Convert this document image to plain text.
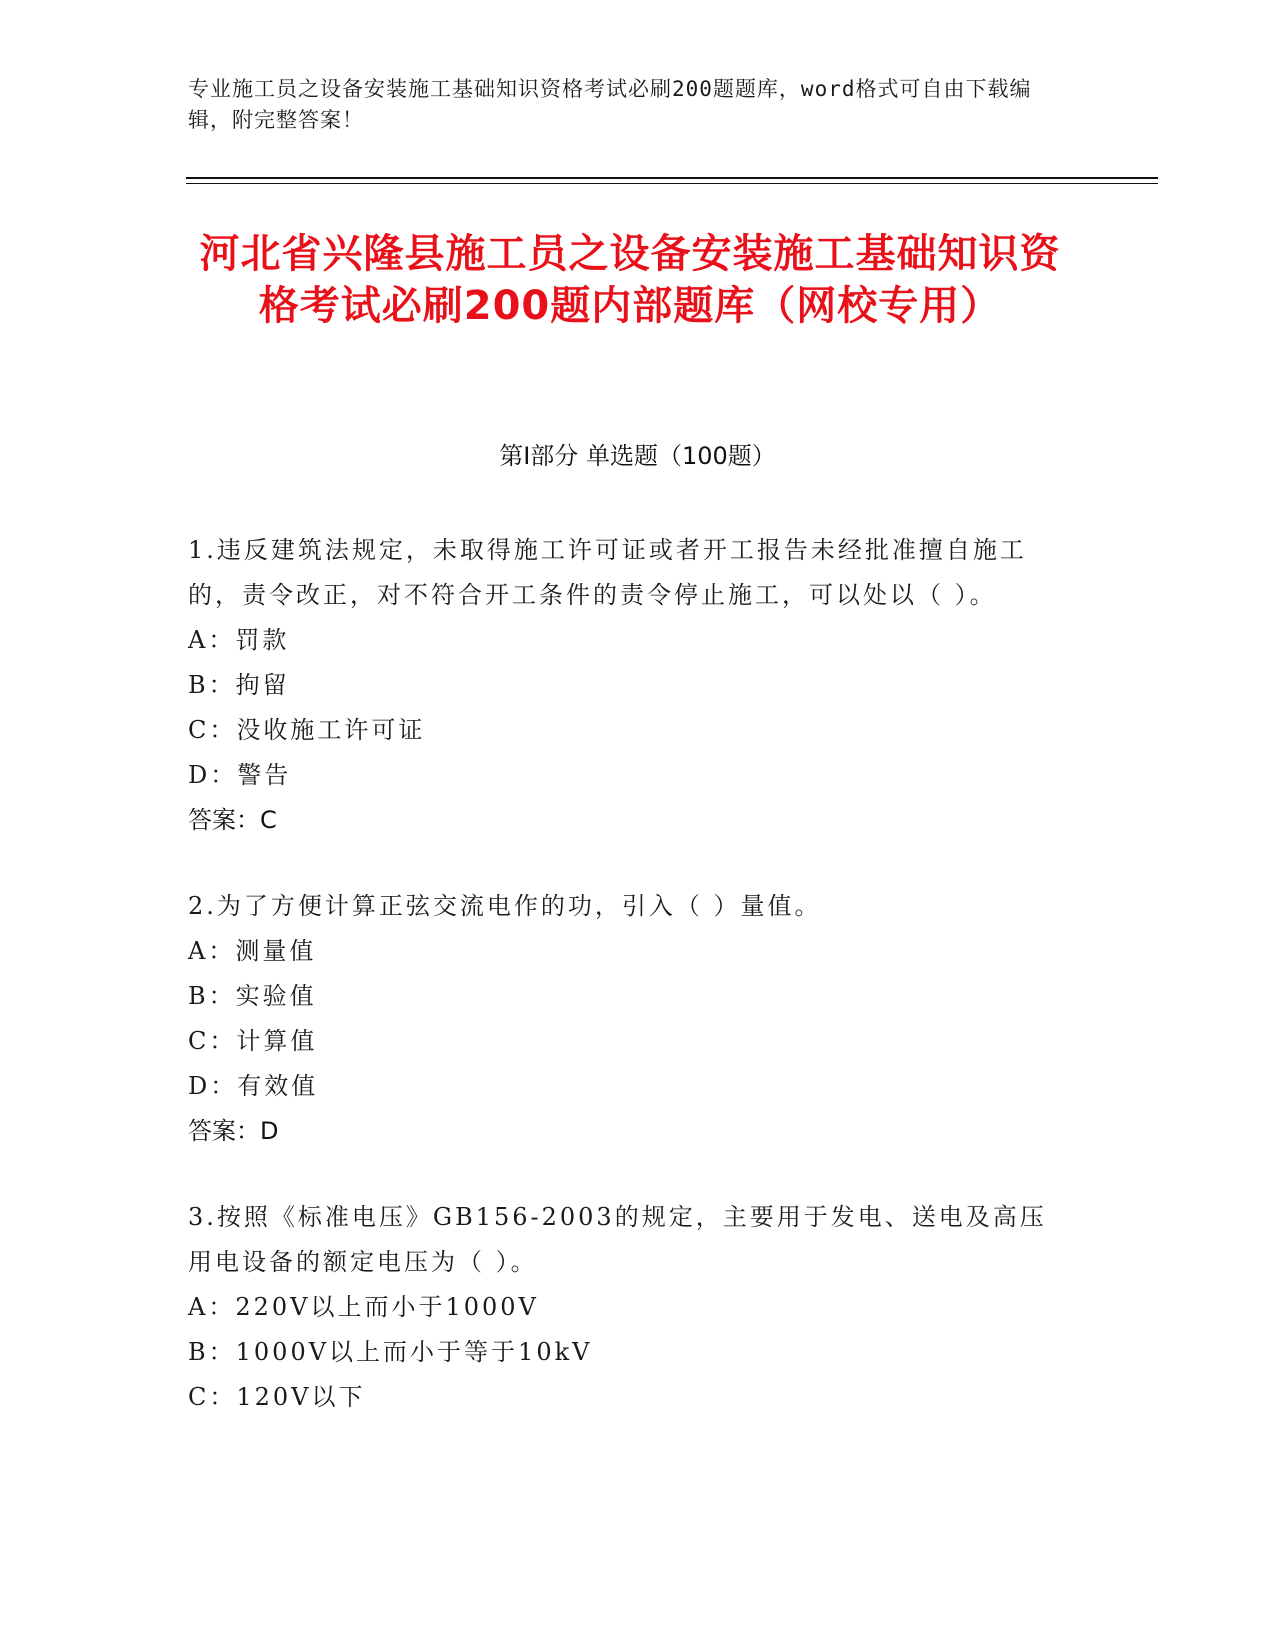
专业施工员之设备安装施工基础知识资格考试必刷200题题库，word格式可自由下载编辑，附完整答案！
河北省兴隆县施工员之设备安装施工基础知识资格考试必刷200题内部题库（网校专用）
第I部分 单选题（100题）

1.违反建筑法规定，未取得施工许可证或者开工报告未经批准擅自施工的，责令改正，对不符合开工条件的责令停止施工，可以处以（ ）。

A：罚款

B：拘留

C：没收施工许可证

D：警告

答案：C

2.为了方便计算正弦交流电作的功，引入（ ）量值。

A：测量值

B：实验值

C：计算值

D：有效值

答案：D

3.按照《标准电压》GB156-2003的规定，主要用于发电、送电及高压用电设备的额定电压为（ ）。

A：220V以上而小于1000V

B：1000V以上而小于等于10kV

C：120V以下
